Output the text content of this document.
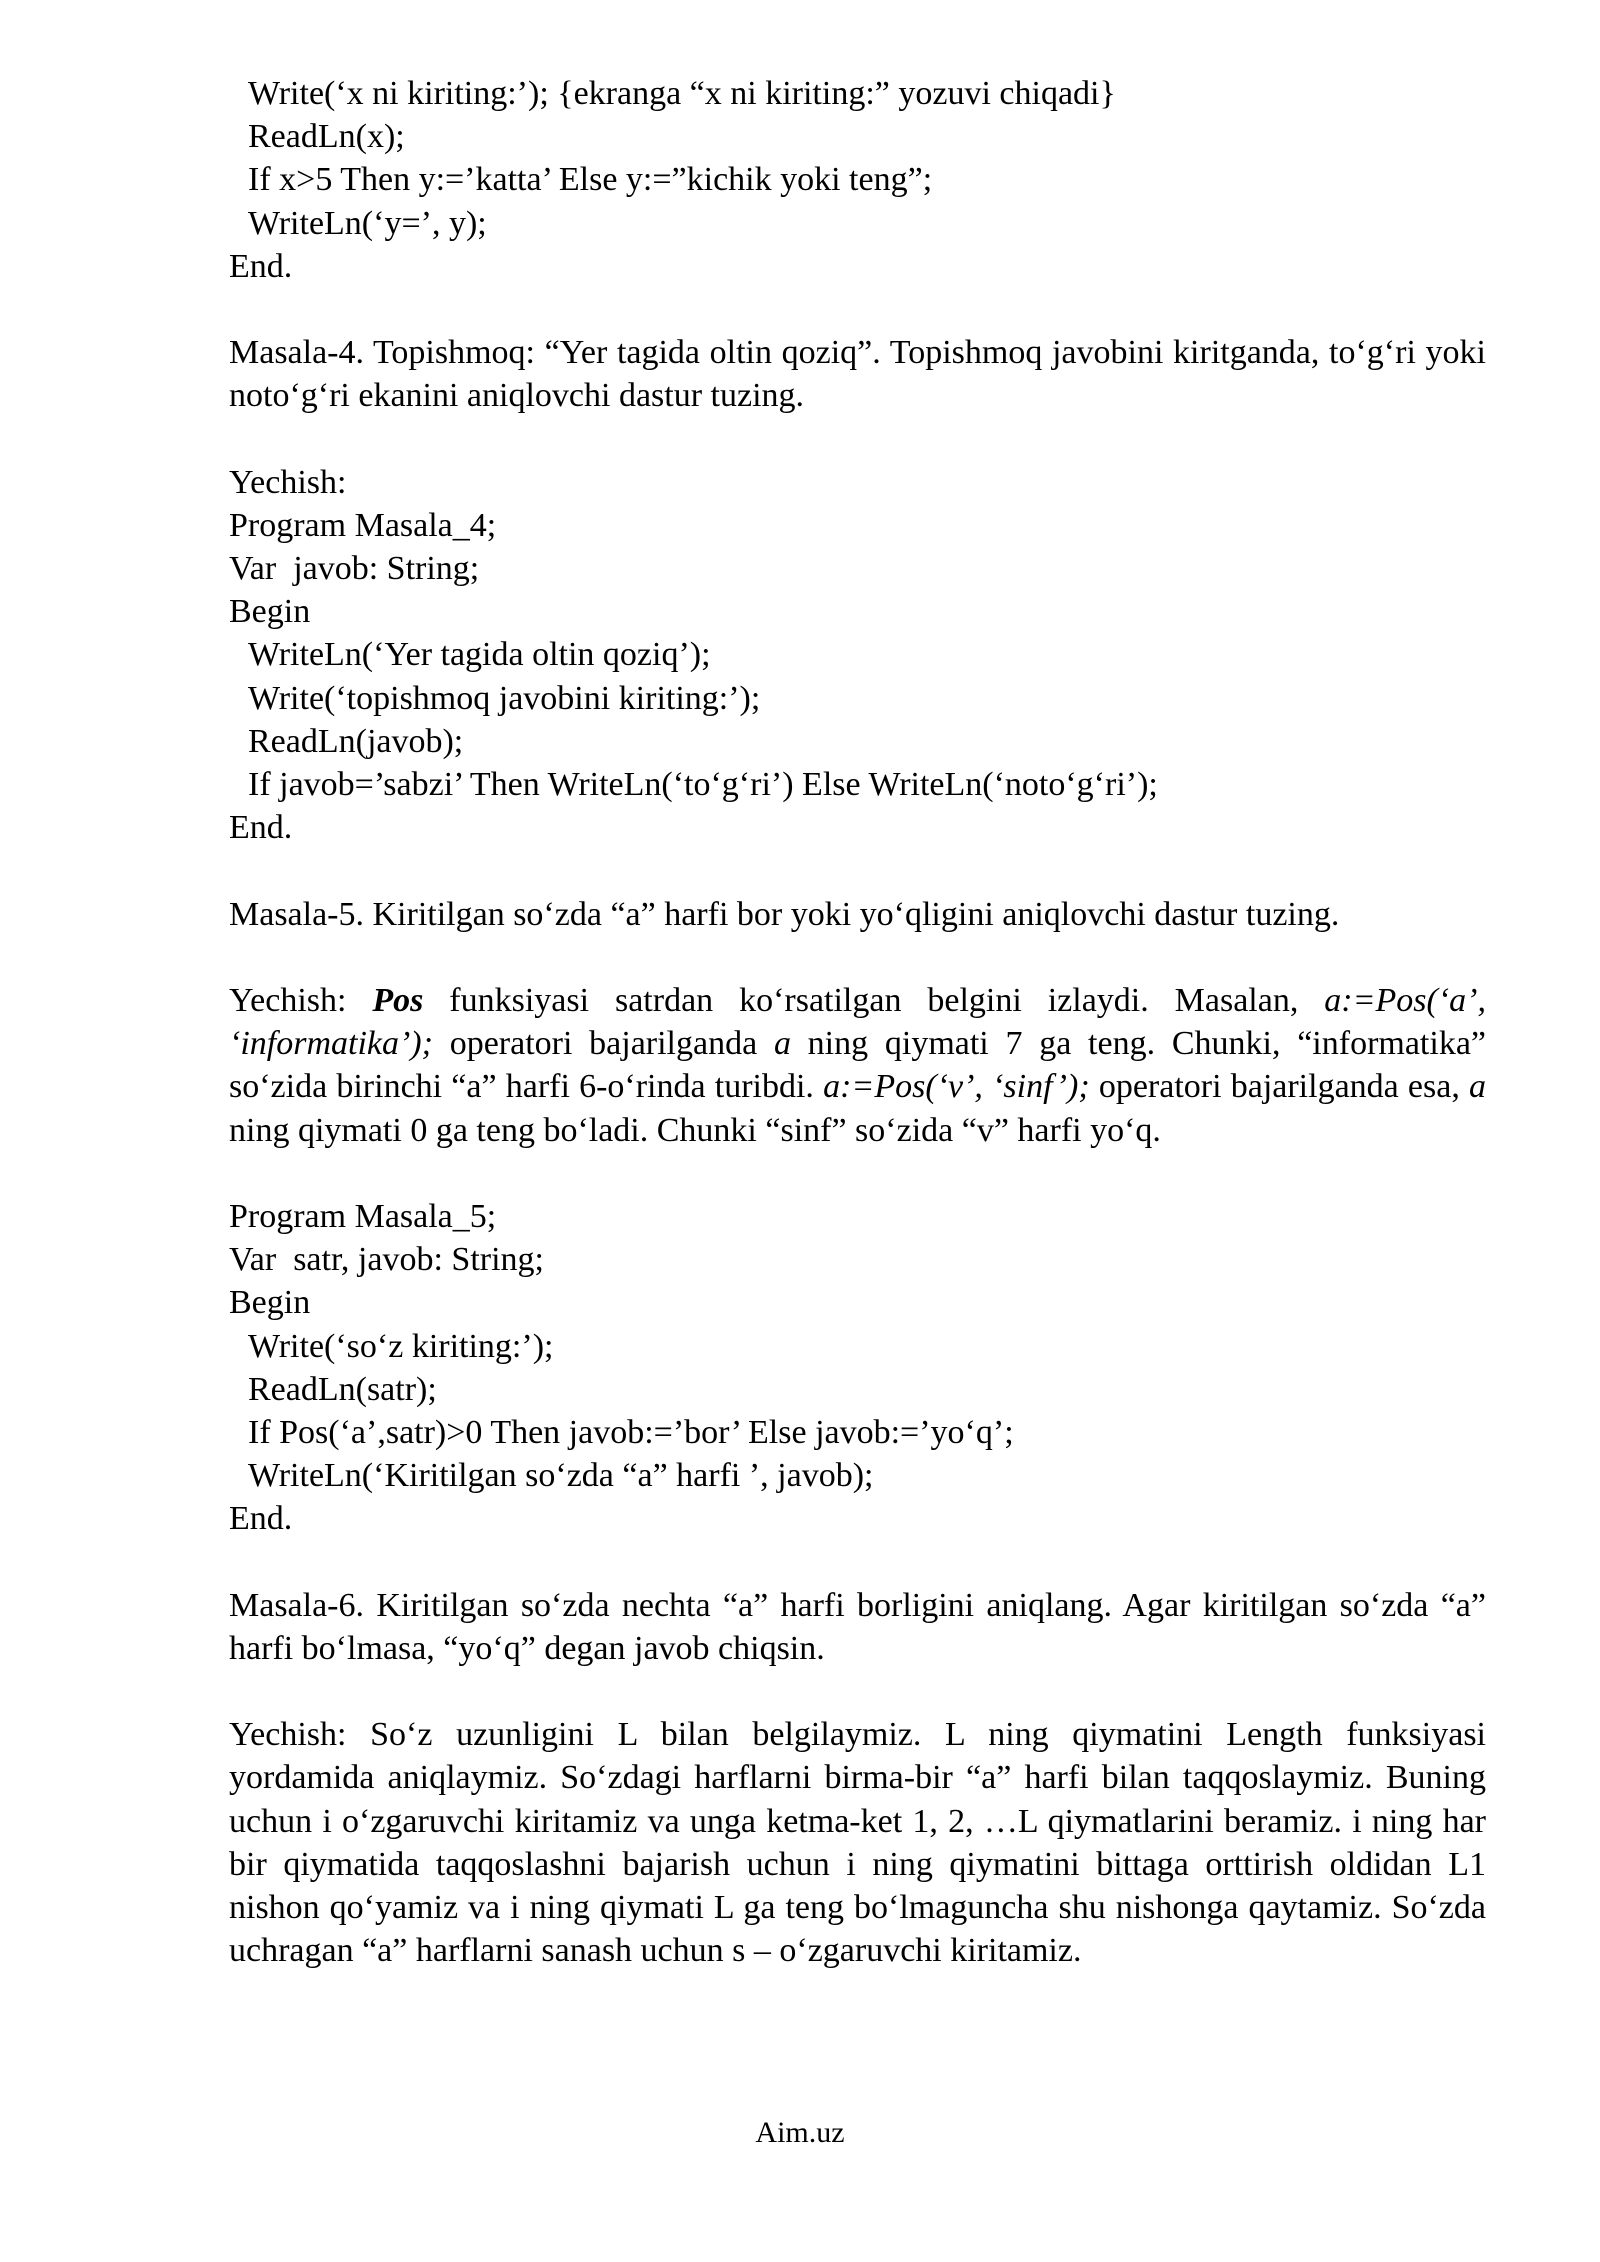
Write(‘x ni kiriting:’); {ekranga “x ni kiriting:” yozuvi chiqadi}
ReadLn(x);
If x>5 Then y:=’katta’ Else y:=”kichik yoki teng”;
WriteLn(‘y=’, y);
End.
Masala-4. Topishmoq: “Yer tagida oltin qoziq”. Topishmoq javobini kiritganda, to‘g‘ri yoki noto‘g‘ri ekanini aniqlovchi dastur tuzing.
Yechish:
Program Masala_4;
Var  javob: String;
Begin
WriteLn(‘Yer tagida oltin qoziq’);
Write(‘topishmoq javobini kiriting:’);
ReadLn(javob);
If javob=’sabzi’ Then WriteLn(‘to‘g‘ri’) Else WriteLn(‘noto‘g‘ri’);
End.
Masala-5. Kiritilgan so‘zda “a” harfi bor yoki yo‘qligini aniqlovchi dastur tuzing.
Yechish: Pos funksiyasi satrdan ko‘rsatilgan belgini izlaydi. Masalan, a:=Pos(‘a’, ‘informatika’); operatori bajarilganda a ning qiymati 7 ga teng. Chunki, “informatika” so‘zida birinchi “a” harfi 6-o‘rinda turibdi. a:=Pos(‘v’, ‘sinf’); operatori bajarilganda esa, a ning qiymati 0 ga teng bo‘ladi. Chunki “sinf” so‘zida “v” harfi yo‘q.
Program Masala_5;
Var  satr, javob: String;
Begin
Write(‘so‘z kiriting:’);
ReadLn(satr);
If Pos(‘a’,satr)>0 Then javob:=’bor’ Else javob:=’yo‘q’;
WriteLn(‘Kiritilgan so‘zda “a” harfi ’, javob);
End.
Masala-6. Kiritilgan so‘zda nechta “a” harfi borligini aniqlang. Agar kiritilgan so‘zda “a” harfi bo‘lmasa, “yo‘q” degan javob chiqsin.
Yechish: So‘z uzunligini L bilan belgilaymiz. L ning qiymatini Length funksiyasi yordamida aniqlaymiz. So‘zdagi harflarni birma-bir “a” harfi bilan taqqoslaymiz. Buning uchun i o‘zgaruvchi kiritamiz va unga ketma-ket 1, 2, …L qiymatlarini beramiz. i ning har bir qiymatida taqqoslashni bajarish uchun i ning qiymatini bittaga orttirish oldidan L1 nishon qo‘yamiz va i ning qiymati L ga teng bo‘lmaguncha shu nishonga qaytamiz. So‘zda uchragan “a” harflarni sanash uchun s – o‘zgaruvchi kiritamiz.
Aim.uz
